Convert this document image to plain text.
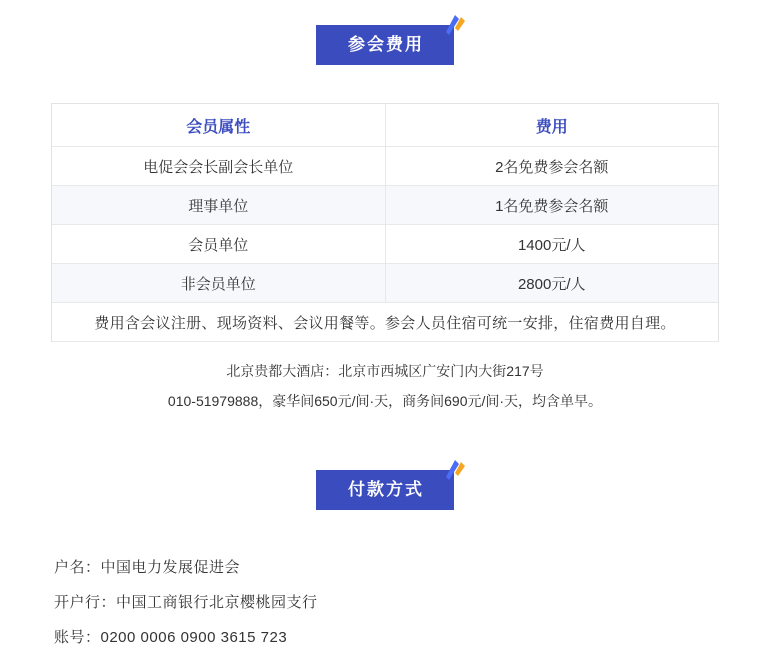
参会费用
会员属性	费用
电促会会长副会长单位	2名免费参会名额
理事单位	1名免费参会名额
会员单位	1400元/人
非会员单位	2800元/人
费用含会议注册、现场资料、会议用餐等。参会人员住宿可统一安排，住宿费用自理。	

北京贵都大酒店：北京市西城区广安门内大街217号

010-51979888，豪华间650元/间·天，商务间690元/间·天，均含单早。

付款方式

户名：中国电力发展促进会

开户行：中国工商银行北京樱桃园支行

账号：0200 0006 0900 3615 723
